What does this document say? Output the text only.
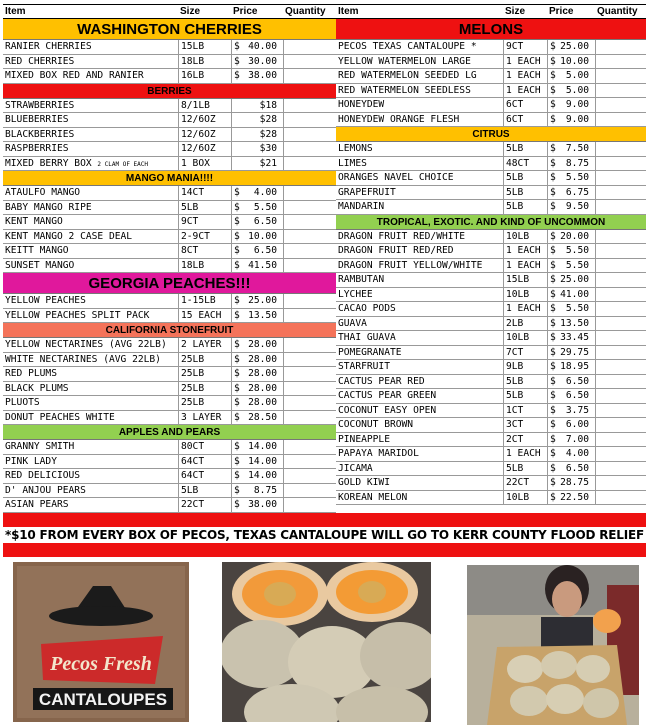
Item	Size	Price	Quantity
WASHINGTON CHERRIES
RANIER CHERRIES	15LB	$ 40.00
RED CHERRIES	18LB	$ 30.00
MIXED BOX RED AND RANIER	16LB	$ 38.00
BERRIES
STRAWBERRIES	8/1LB	$18
BLUEBERRIES	12/6OZ	$28
BLACKBERRIES	12/6OZ	$28
RASPBERRIES	12/6OZ	$30
MIXED BERRY BOX 2 CLAM OF EACH	1 BOX	$21
MANGO MANIA!!!!
ATAULFO MANGO	14CT	$ 4.00
BABY MANGO RIPE	5LB	$ 5.50
KENT MANGO	9CT	$ 6.50
KENT MANGO 2 CASE DEAL	2-9CT	$ 10.00
KEITT MANGO	8CT	$ 6.50
SUNSET MANGO	18LB	$ 41.50
GEORGIA PEACHES!!!
YELLOW PEACHES	1-15LB	$ 25.00
YELLOW PEACHES SPLIT PACK	15 EACH	$ 13.50
CALIFORNIA STONEFRUIT
YELLOW NECTARINES (AVG 22LB)	2 LAYER	$ 28.00
WHITE NECTARINES (AVG 22LB)	25LB	$ 28.00
RED PLUMS	25LB	$ 28.00
BLACK PLUMS	25LB	$ 28.00
PLUOTS	25LB	$ 28.00
DONUT PEACHES WHITE	3 LAYER	$ 28.50
APPLES AND PEARS
GRANNY SMITH	80CT	$ 14.00
PINK LADY	64CT	$ 14.00
RED DELICIOUS	64CT	$ 14.00
D' ANJOU PEARS	5LB	$ 8.75
ASIAN PEARS	22CT	$ 38.00
Item	Size	Price	Quantity
MELONS
PECOS TEXAS CANTALOUPE *	9CT	$ 25.00
YELLOW WATERMELON LARGE	1 EACH $ 10.00
RED WATERMELON SEEDED LG	1 EACH $ 5.00
RED WATERMELON SEEDLESS	1 EACH $ 5.00
HONEYDEW	6CT	$ 9.00
HONEYDEW ORANGE FLESH	6CT	$ 9.00
CITRUS
LEMONS	5LB	$ 7.50
LIMES	48CT	$ 8.75
ORANGES NAVEL CHOICE	5LB	$ 5.50
GRAPEFRUIT	5LB	$ 6.75
MANDARIN	5LB	$ 9.50
TROPICAL, EXOTIC. AND KIND OF UNCOMMON
DRAGON FRUIT RED/WHITE	10LB	$ 20.00
DRAGON FRUIT RED/RED	1 EACH $ 5.50
DRAGON FRUIT YELLOW/WHITE	1 EACH $ 5.50
RAMBUTAN	15LB	$ 25.00
LYCHEE	10LB	$ 41.00
CACAO PODS	1 EACH $ 5.50
GUAVA	2LB	$ 13.50
THAI GUAVA	10LB	$ 33.45
POMEGRANATE	7CT	$ 29.75
STARFRUIT	9LB	$ 18.95
CACTUS PEAR RED	5LB	$ 6.50
CACTUS PEAR GREEN	5LB	$ 6.50
COCONUT EASY OPEN	1CT	$ 3.75
COCONUT BROWN	3CT	$ 6.00
PINEAPPLE	2CT	$ 7.00
PAPAYA MARIDOL	1 EACH $ 4.00
JICAMA	5LB	$ 6.50
GOLD KIWI	22CT	$ 28.75
KOREAN MELON	10LB	$ 22.50
*$10 FROM EVERY BOX OF PECOS, TEXAS CANTALOUPE WILL GO TO KERR COUNTY FLOOD RELIEF
Pecos Fresh
CANTALOUPES
